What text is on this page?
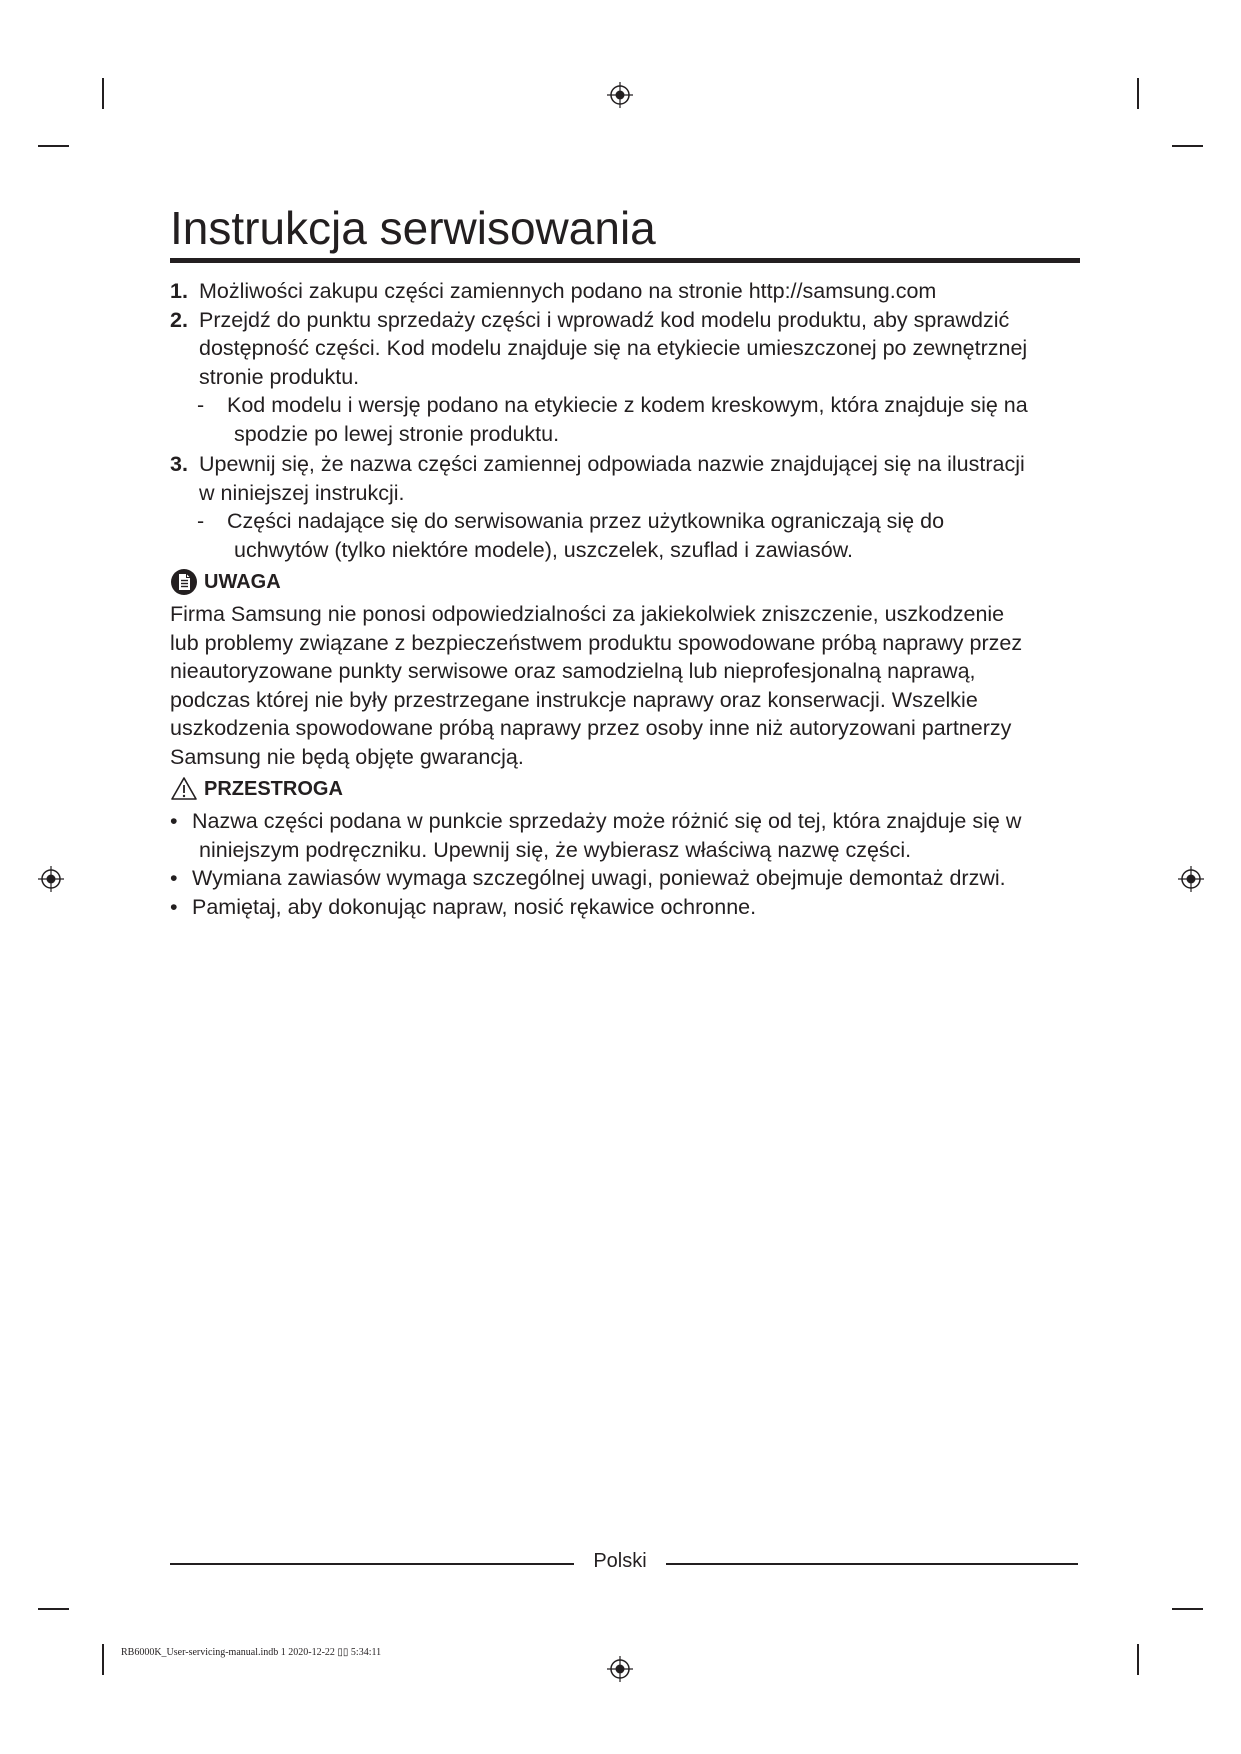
Instrukcja serwisowania
1. Możliwości zakupu części zamiennych podano na stronie http://samsung.com
2. Przejdź do punktu sprzedaży części i wprowadź kod modelu produktu, aby sprawdzić
dostępność części. Kod modelu znajduje się na etykiecie umieszczonej po zewnętrznej
stronie produktu.
- Kod modelu i wersję podano na etykiecie z kodem kreskowym, która znajduje się na
spodzie po lewej stronie produktu.
3. Upewnij się, że nazwa części zamiennej odpowiada nazwie znajdującej się na ilustracji
w niniejszej instrukcji.
- Części nadające się do serwisowania przez użytkownika ograniczają się do
uchwytów (tylko niektóre modele), uszczelek, szuflad i zawiasów.
UWAGA
Firma Samsung nie ponosi odpowiedzialności za jakiekolwiek zniszczenie, uszkodzenie
lub problemy związane z bezpieczeństwem produktu spowodowane próbą naprawy przez
nieautoryzowane punkty serwisowe oraz samodzielną lub nieprofesjonalną naprawą,
podczas której nie były przestrzegane instrukcje naprawy oraz konserwacji. Wszelkie
uszkodzenia spowodowane próbą naprawy przez osoby inne niż autoryzowani partnerzy
Samsung nie będą objęte gwarancją.
PRZESTROGA
• Nazwa części podana w punkcie sprzedaży może różnić się od tej, która znajduje się w
niniejszym podręczniku. Upewnij się, że wybierasz właściwą nazwę części.
• Wymiana zawiasów wymaga szczególnej uwagi, ponieważ obejmuje demontaż drzwi.
• Pamiętaj, aby dokonując napraw, nosić rękawice ochronne.
Polski
RB6000K_User-servicing-manual.indb 1 2020-12-22 ▯▯ 5:34:11
